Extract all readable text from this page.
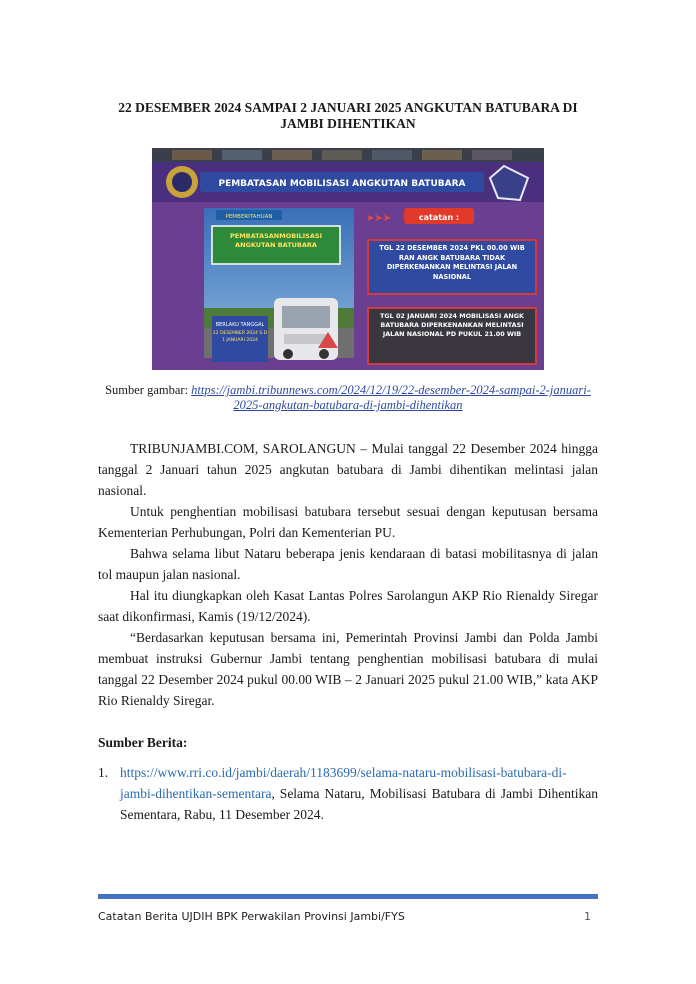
22 DESEMBER 2024 SAMPAI 2 JANUARI 2025 ANGKUTAN BATUBARA DI JAMBI DIHENTIKAN
PEMBATASAN MOBILISASI ANGKUTAN BATUBARA
PEMBERITAHUAN
PEMBATASANMOBILISASI ANGKUTAN BATUBARA
BERLAKU TANGGAL
22 DESEMBER 2024 S.D 1 JANUARI 2024
➤➤➤	catatan :
TGL 22 DESEMBER 2024 PKL 00.00 WIB RAN ANGK BATUBARA TIDAK DIPERKENANKAN MELINTASI JALAN NASIONAL
TGL 02 JANUARI 2024 MOBILISASI ANGK BATUBARA DIPERKENANKAN MELINTASI JALAN NASIONAL PD PUKUL 21.00 WIB
Sumber gambar: https://jambi.tribunnews.com/2024/12/19/22-desember-2024-sampai-2-januari-2025-angkutan-batubara-di-jambi-dihentikan

TRIBUNJAMBI.COM, SAROLANGUN – Mulai tanggal 22 Desember 2024 hingga tanggal 2 Januari tahun 2025 angkutan batubara di Jambi dihentikan melintasi jalan nasional.

Untuk penghentian mobilisasi batubara tersebut sesuai dengan keputusan bersama Kementerian Perhubungan, Polri dan Kementerian PU.

Bahwa selama libut Nataru beberapa jenis kendaraan di batasi mobilitasnya di jalan tol maupun jalan nasional.

Hal itu diungkapkan oleh Kasat Lantas Polres Sarolangun AKP Rio Rienaldy Siregar saat dikonfirmasi, Kamis (19/12/2024).

“Berdasarkan keputusan bersama ini, Pemerintah Provinsi Jambi dan Polda Jambi membuat instruksi Gubernur Jambi tentang penghentian mobilisasi batubara di mulai tanggal 22 Desember 2024 pukul 00.00 WIB – 2 Januari 2025 pukul 21.00 WIB,” kata AKP Rio Rienaldy Siregar.

Sumber Berita:
1. https://www.rri.co.id/jambi/daerah/1183699/selama-nataru-mobilisasi-batubara-di-jambi-dihentikan-sementara, Selama Nataru, Mobilisasi Batubara di Jambi Dihentikan Sementara, Rabu, 11 Desember 2024.
Catatan Berita UJDIH BPK Perwakilan Provinsi Jambi/FYS	1
